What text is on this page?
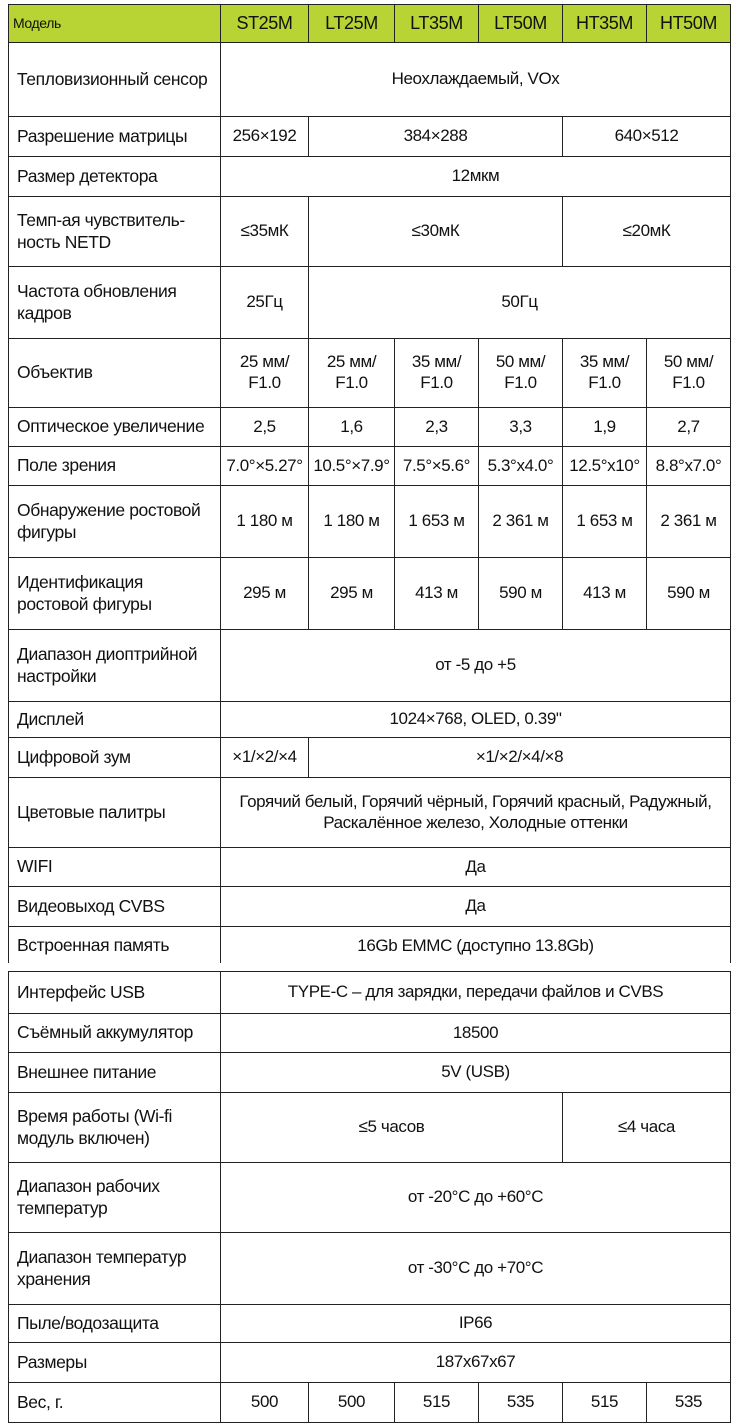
Модель	ST25M	LT25M	LT35M	LT50M	HT35M	HT50M
Тепловизионный сенсор	Неохлаждаемый, VOx					
Разрешение матрицы	256×192	384×288			640×512	
Размер детектора	12мкм					
Темп-ая чувствитель-ность NETD	≤35мК	≤30мК			≤20мК	
Частота обновления кадров	25Гц	50Гц				
Объектив	25 мм/ F1.0	25 мм/ F1.0	35 мм/ F1.0	50 мм/ F1.0	35 мм/ F1.0	50 мм/ F1.0
Оптическое увеличение	2,5	1,6	2,3	3,3	1,9	2,7
Поле зрения	7.0°×5.27°	10.5°×7.9°	7.5°×5.6°	5.3°x4.0°	12.5°x10°	8.8°x7.0°
Обнаружение ростовой фигуры	1 180 м	1 180 м	1 653 м	2 361 м	1 653 м	2 361 м
Идентификация ростовой фигуры	295 м	295 м	413 м	590 м	413 м	590 м
Диапазон диоптрийной настройки	от -5 до +5					
Дисплей	1024×768, OLED, 0.39"					
Цифровой зум	×1/×2/×4	×1/×2/×4/×8				
Цветовые палитры	Горячий белый, Горячий чёрный, Горячий красный, Радужный, Раскалённое железо, Холодные оттенки					
WIFI	Да					
Видеовыход CVBS	Да					
Встроенная память	16Gb EMMC (доступно 13.8Gb)					
Интерфейс USB	TYPE-C – для зарядки, передачи файлов и CVBS					
Съёмный аккумулятор	18500					
Внешнее питание	5V (USB)					
Время работы (Wi-fi модуль включен)	≤5 часов				≤4 часа	
Диапазон рабочих температур	от -20°С до +60°С					
Диапазон температур хранения	от -30°С до +70°С					
Пыле/водозащита	IP66					
Размеры	187х67х67					
Вес, г.	500	500	515	535	515	535
